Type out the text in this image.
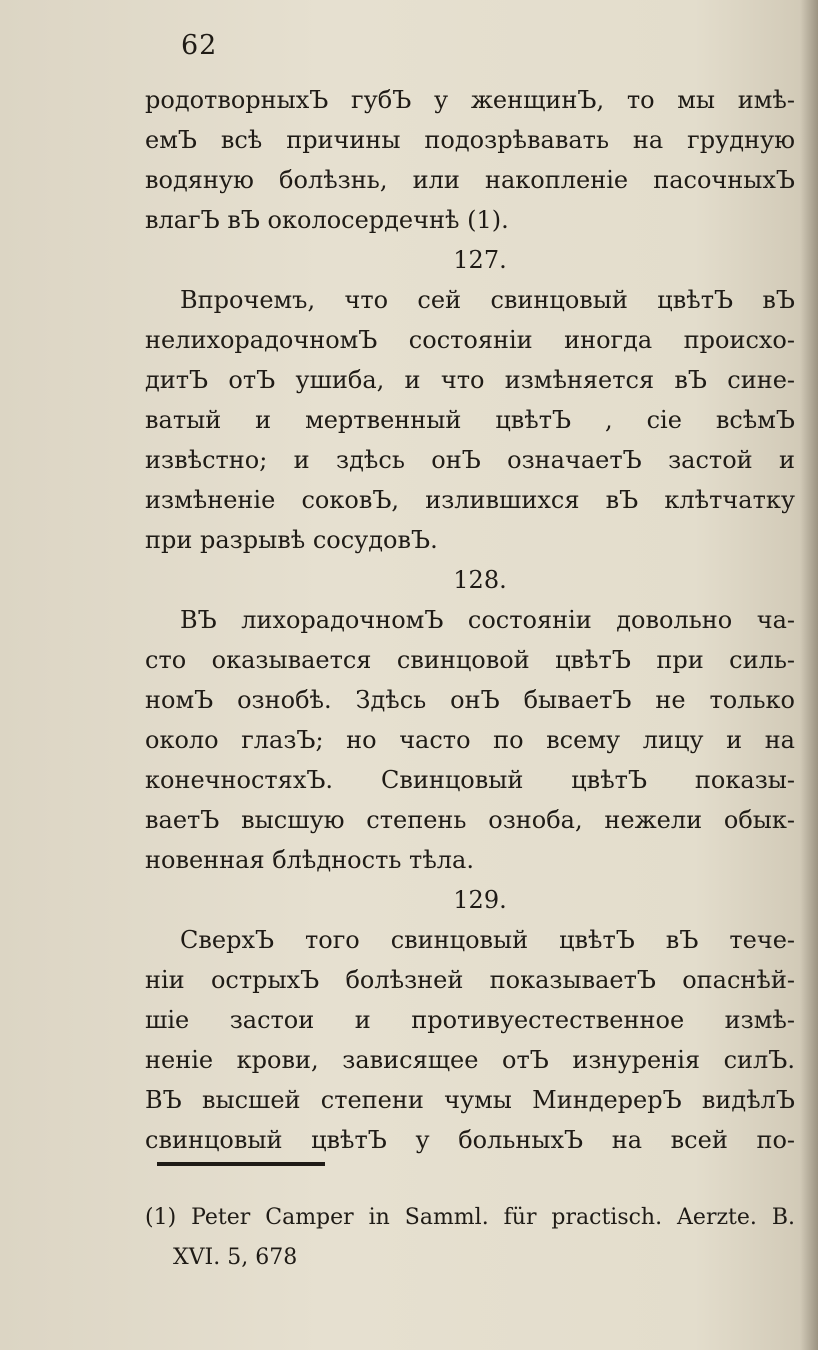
62
родотворныхЪ губЪ у женщинЪ, то мы имѣ-
емЪ всѣ причины подозрѣвавать на грудную
водяную болѣзнь, или накопленіе пасочныхЪ
влагЪ вЪ околосердечнѣ (1).
127.
Впрочемъ, что сей свинцовый цвѣтЪ вЪ
нелихорадочномЪ состояніи иногда происхо-
дитЪ отЪ ушиба, и что измѣняется вЪ сине-
ватый и мертвенный цвѣтЪ , сіе всѣмЪ
извѣстно; и здѣсь онЪ означаетЪ застой и
измѣненіе соковЪ, излившихся вЪ клѣтчатку
при разрывѣ сосудовЪ.
128.
ВЪ лихорадочномЪ состояніи довольно ча-
сто оказывается свинцовой цвѣтЪ при силь-
номЪ ознобѣ. Здѣсь онЪ бываетЪ не только
около глазЪ; но часто по всему лицу и на
конечностяхЪ. Свинцовый цвѣтЪ показы-
ваетЪ высшую степень озноба, нежели обык-
новенная блѣдность тѣла.
129.
СверхЪ того свинцовый цвѣтЪ вЪ тече-
ніи острыхЪ болѣзней показываетЪ опаснѣй-
шіе застои и противуестественное измѣ-
неніе крови, зависящее отЪ изнуренія силЪ.
ВЪ высшей степени чумы МиндерерЪ видѣлЪ
свинцовый цвѣтЪ у больныхЪ на всей по-
(1) Peter Camper in Samml. für practisch. Aerzte. B.
XVI. 5, 678
